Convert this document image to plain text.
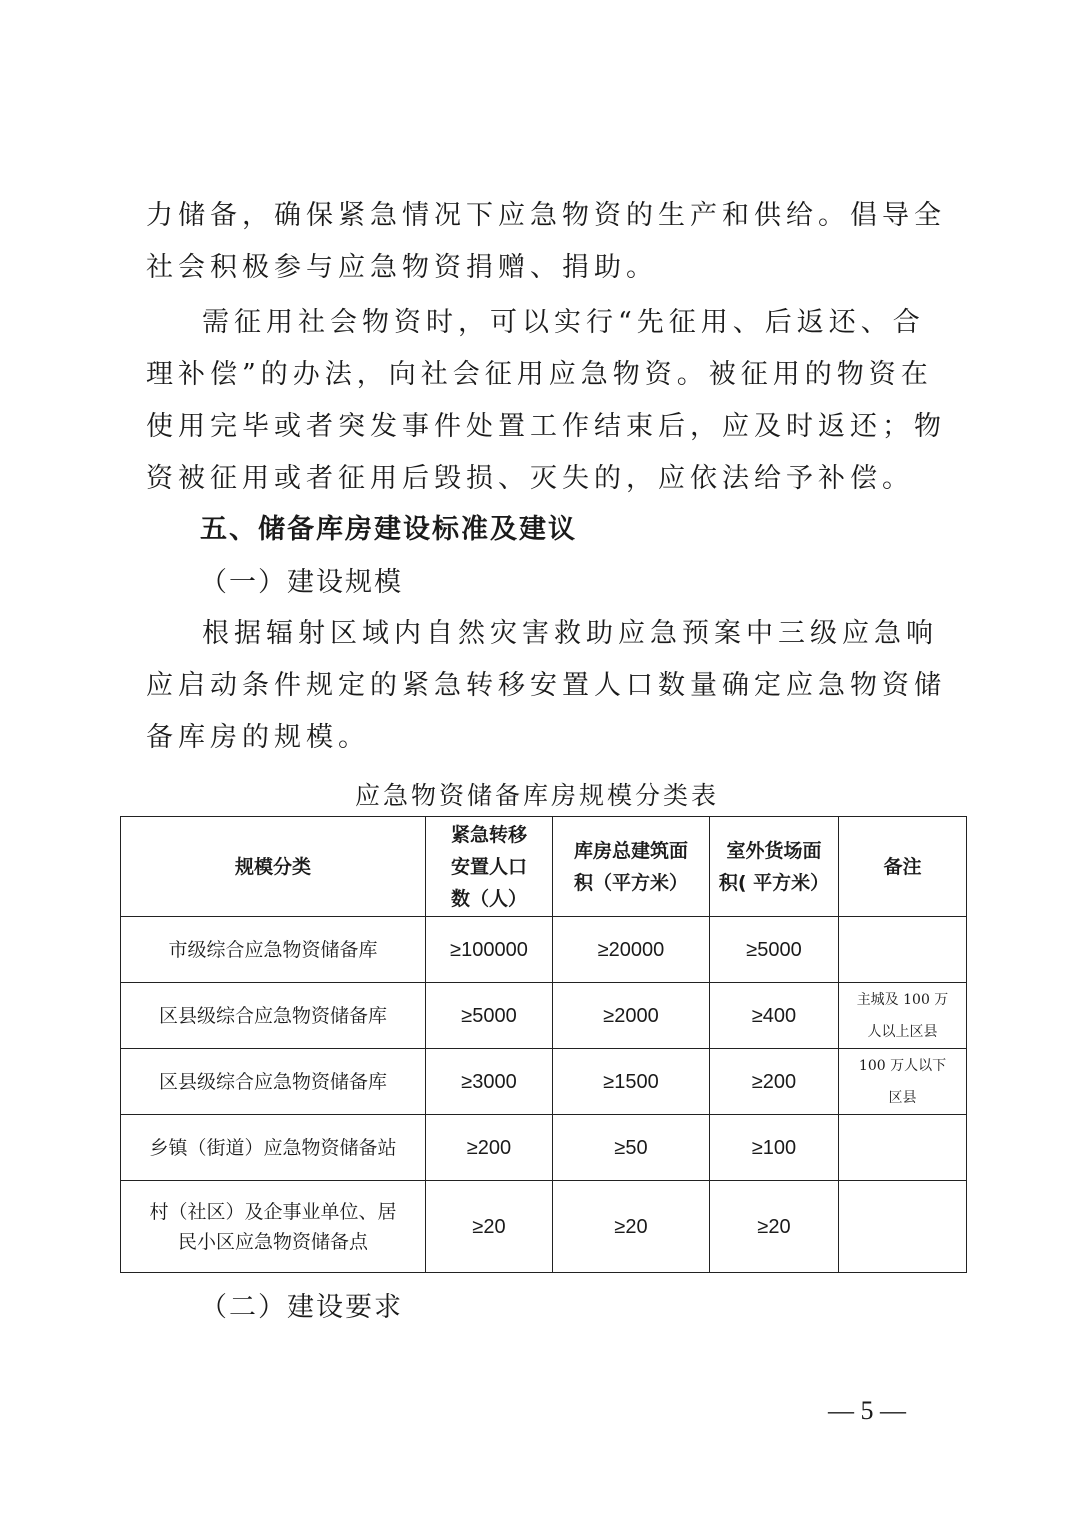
力储备，确保紧急情况下应急物资的生产和供给。倡导全社会积极参与应急物资捐赠、捐助。

需征用社会物资时，可以实行“先征用、后返还、合理补偿”的办法，向社会征用应急物资。被征用的物资在使用完毕或者突发事件处置工作结束后，应及时返还；物资被征用或者征用后毁损、灭失的，应依法给予补偿。

五、储备库房建设标准及建议

（一）建设规模

根据辐射区域内自然灾害救助应急预案中三级应急响应启动条件规定的紧急转移安置人口数量确定应急物资储备库房的规模。

应急物资储备库房规模分类表

规模分类	紧急转移
安置人口
数（人）	库房总建筑面
积（平方米）	室外货场面
积( 平方米）	备注
市级综合应急物资储备库	≥100000	≥20000	≥5000	
区县级综合应急物资储备库	≥5000	≥2000	≥400	主城及 100 万
人以上区县
区县级综合应急物资储备库	≥3000	≥1500	≥200	100 万人以下
区县
乡镇（街道）应急物资储备站	≥200	≥50	≥100	
村（社区）及企事业单位、居
民小区应急物资储备点	≥20	≥20	≥20	

（二）建设要求

— 5 —
